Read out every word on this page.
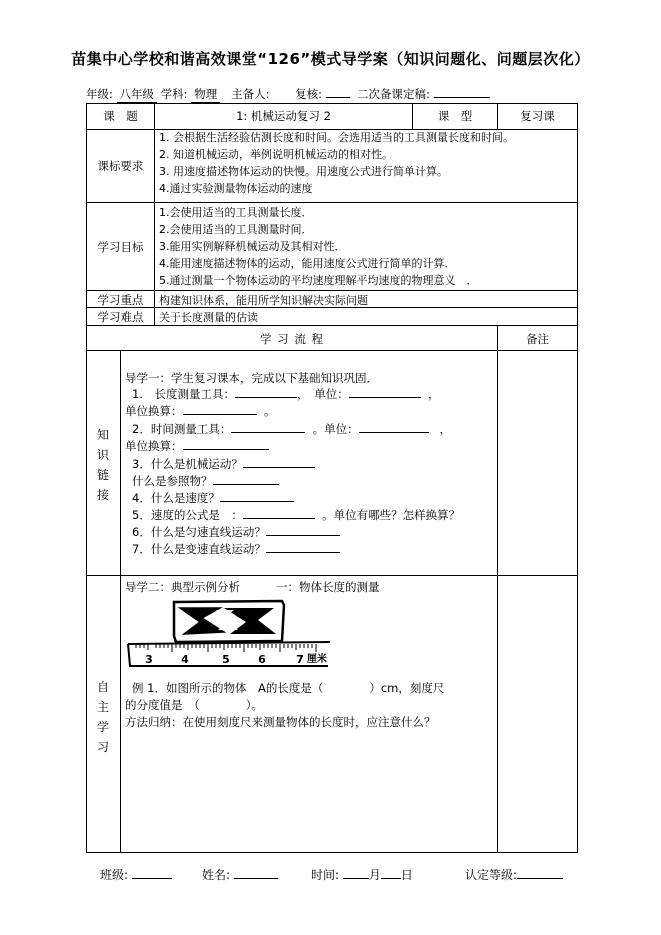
苗集中心学校和谐高效课堂“126”模式导学案（知识问题化、问题层次化）
年级: 八年级 学科: 物理 主备人: 复核:	二次备课定稿:
课　题	1: 机械运动复习 2	课　型	复习课
课标要求
1. 会根据生活经验估测长度和时间。会选用适当的工具测量长度和时间。
2. 知道机械运动，举例说明机械运动的相对性。
3. 用速度描述物体运动的快慢。用速度公式进行简单计算。
4.通过实验测量物体运动的速度
学习目标
1.会使用适当的工具测量长度．
2.会使用适当的工具测量时间．
3.能用实例解释机械运动及其相对性．
4.能用速度描述物体的运动，能用速度公式进行简单的计算．
5.通过测量一个物体运动的平均速度理解平均速度的物理意义　．
学习重点	构建知识体系，能用所学知识解决实际问题
学习难点	关于长度测量的估读
学 习 流 程	备注
知
识
链
接
导学一：学生复习课本，完成以下基础知识巩固．
1.　长度测量工具：	，　单位：	，
单位换算：	。
2．时间测量工具：	。单位：	，
单位换算：
3．什么是机械运动？
什么是参照物？
4．什么是速度？
5．速度的公式是　：	。单位有哪些？怎样换算？
6．什么是匀速直线运动？
7．什么是变速直线运动？
自
主
学
习
导学二：典型示例分析	一：物体长度的测量
3	4	5	6	7 厘米
例 1．如图所示的物体　A的长度是（　　　　）cm，刻度尺
的分度值是　（　　　　）。
方法归纳：在使用刻度尺来测量物体的长度时，应注意什么？
班级:	姓名:	时间: 月 日	认定等级:
